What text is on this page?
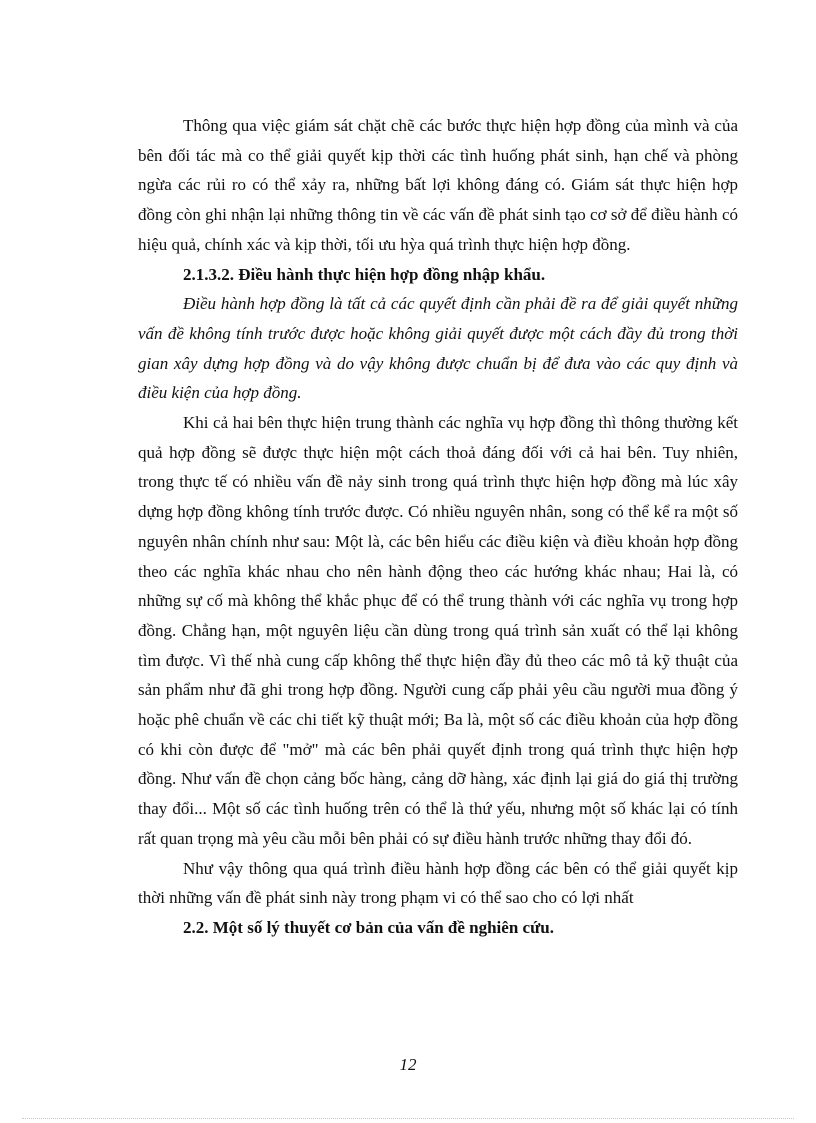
Thông qua việc giám sát chặt chẽ các bước thực hiện hợp đồng của mình và của bên đối tác mà co thể giải quyết kịp thời các tình huống phát sinh, hạn chế và phòng ngừa các rủi ro có thể xảy ra, những bất lợi không đáng có. Giám sát thực hiện hợp đồng còn ghi nhận lại những thông tin về các vấn đề phát sinh tạo cơ sở để điều hành có hiệu quả, chính xác và kịp thời, tối ưu hỳa quá trình thực hiện hợp đồng.

2.1.3.2. Điều hành thực hiện hợp đồng nhập khẩu.

Điều hành hợp đồng là tất cả các quyết định cần phải đề ra để giải quyết những vấn đề không tính trước được hoặc không giải quyết được một cách đầy đủ trong thời gian xây dựng hợp đồng và do vậy không được chuẩn bị để đưa vào các quy định và điều kiện của hợp đồng.

Khi cả hai bên thực hiện trung thành các nghĩa vụ hợp đồng thì thông thường kết quả hợp đồng sẽ được thực hiện một cách thoả đáng đối với cả hai bên. Tuy nhiên, trong thực tế có nhiều vấn đề nảy sinh trong quá trình thực hiện hợp đồng mà lúc xây dựng hợp đồng không tính trước được. Có nhiều nguyên nhân, song có thể kể ra một số nguyên nhân chính như sau: Một là, các bên hiểu các điều kiện và điều khoản hợp đồng theo các nghĩa khác nhau cho nên hành động theo các hướng khác nhau; Hai là, có những sự cố mà không thể khắc phục để có thể trung thành với các nghĩa vụ trong hợp đồng. Chẳng hạn, một nguyên liệu cần dùng trong quá trình sản xuất có thể lại không tìm được. Vì thế nhà cung cấp không thể thực hiện đầy đủ theo các mô tả kỹ thuật của sản phẩm như đã ghi trong hợp đồng. Người cung cấp phải yêu cầu người mua đồng ý hoặc phê chuẩn về các chi tiết kỹ thuật mới; Ba là, một số các điều khoản của hợp đồng có khi còn được để "mở" mà các bên phải quyết định trong quá trình thực hiện hợp đồng. Như vấn đề chọn cảng bốc hàng, cảng dỡ hàng, xác định lại giá do giá thị trường thay đổi... Một số các tình huống trên có thể là thứ yếu, nhưng một số khác lại có tính rất quan trọng mà yêu cầu mỗi bên phải có sự điều hành trước những thay đổi đó.

Như vậy thông qua quá trình điều hành hợp đồng các bên có thể giải quyết kịp thời những vấn đề phát sinh này trong phạm vi có thể sao cho có lợi nhất

2.2. Một số lý thuyết cơ bản của vấn đề nghiên cứu.

12
